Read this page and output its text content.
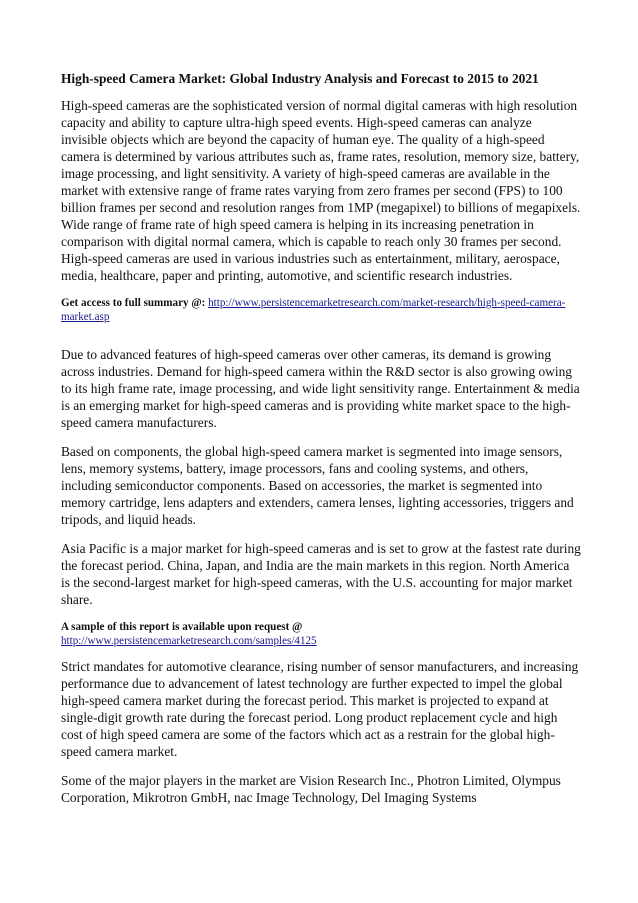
High-speed Camera Market: Global Industry Analysis and Forecast to 2015 to 2021

High-speed cameras are the sophisticated version of normal digital cameras with high resolution capacity and ability to capture ultra-high speed events. High-speed cameras can analyze invisible objects which are beyond the capacity of human eye. The quality of a high-speed camera is determined by various attributes such as, frame rates, resolution, memory size, battery, image processing, and light sensitivity. A variety of high-speed cameras are available in the market with extensive range of frame rates varying from zero frames per second (FPS) to 100 billion frames per second and resolution ranges from 1MP (megapixel) to billions of megapixels. Wide range of frame rate of high speed camera is helping in its increasing penetration in comparison with digital normal camera, which is capable to reach only 30 frames per second. High-speed cameras are used in various industries such as entertainment, military, aerospace, media, healthcare, paper and printing, automotive, and scientific research industries.

Get access to full summary @: http://www.persistencemarketresearch.com/market-research/high-speed-camera-market.asp

Due to advanced features of high-speed cameras over other cameras, its demand is growing across industries. Demand for high-speed camera within the R&D sector is also growing owing to its high frame rate, image processing, and wide light sensitivity range. Entertainment & media is an emerging market for high-speed cameras and is providing white market space to the high-speed camera manufacturers.

Based on components, the global high-speed camera market is segmented into image sensors, lens, memory systems, battery, image processors, fans and cooling systems, and others, including semiconductor components. Based on accessories, the market is segmented into memory cartridge, lens adapters and extenders, camera lenses, lighting accessories, triggers and tripods, and liquid heads.

Asia Pacific is a major market for high-speed cameras and is set to grow at the fastest rate during the forecast period. China, Japan, and India are the main markets in this region. North America is the second-largest market for high-speed cameras, with the U.S. accounting for major market share.

A sample of this report is available upon request @
http://www.persistencemarketresearch.com/samples/4125

Strict mandates for automotive clearance, rising number of sensor manufacturers, and increasing performance due to advancement of latest technology are further expected to impel the global high-speed camera market during the forecast period. This market is projected to expand at single-digit growth rate during the forecast period. Long product replacement cycle and high cost of high speed camera are some of the factors which act as a restrain for the global high-speed camera market.

Some of the major players in the market are Vision Research Inc., Photron Limited, Olympus Corporation, Mikrotron GmbH, nac Image Technology, Del Imaging Systems
